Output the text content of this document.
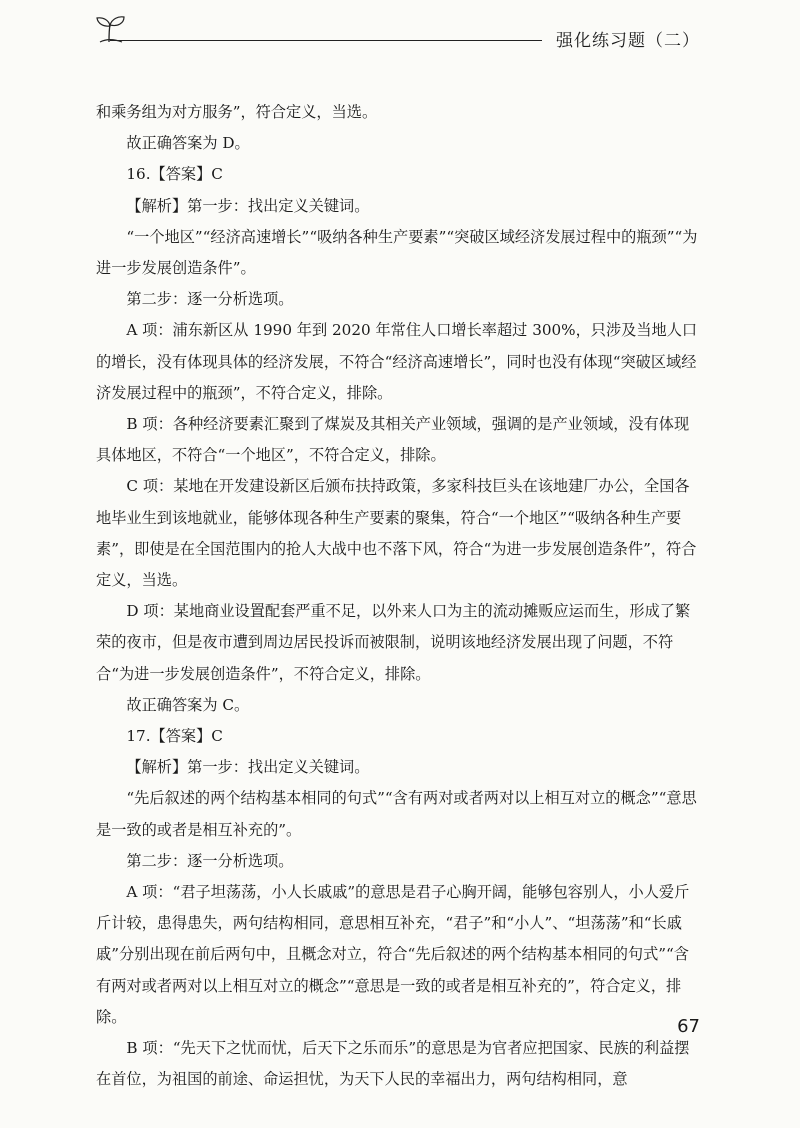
强化练习题（二）

和乘务组为对方服务”，符合定义，当选。

故正确答案为 D。

16.【答案】C

【解析】第一步：找出定义关键词。

“一个地区”“经济高速增长”“吸纳各种生产要素”“突破区域经济发展过程中的瓶颈”“为进一步发展创造条件”。

第二步：逐一分析选项。

A 项：浦东新区从 1990 年到 2020 年常住人口增长率超过 300%，只涉及当地人口的增长，没有体现具体的经济发展，不符合“经济高速增长”，同时也没有体现“突破区域经济发展过程中的瓶颈”，不符合定义，排除。

B 项：各种经济要素汇聚到了煤炭及其相关产业领域，强调的是产业领域，没有体现具体地区，不符合“一个地区”，不符合定义，排除。

C 项：某地在开发建设新区后颁布扶持政策，多家科技巨头在该地建厂办公，全国各地毕业生到该地就业，能够体现各种生产要素的聚集，符合“一个地区”“吸纳各种生产要素”，即使是在全国范围内的抢人大战中也不落下风，符合“为进一步发展创造条件”，符合定义，当选。

D 项：某地商业设置配套严重不足，以外来人口为主的流动摊贩应运而生，形成了繁荣的夜市，但是夜市遭到周边居民投诉而被限制，说明该地经济发展出现了问题，不符合“为进一步发展创造条件”，不符合定义，排除。

故正确答案为 C。

17.【答案】C

【解析】第一步：找出定义关键词。

“先后叙述的两个结构基本相同的句式”“含有两对或者两对以上相互对立的概念”“意思是一致的或者是相互补充的”。

第二步：逐一分析选项。

A 项：“君子坦荡荡，小人长戚戚”的意思是君子心胸开阔，能够包容别人，小人爱斤斤计较，患得患失，两句结构相同，意思相互补充，“君子”和“小人”、“坦荡荡”和“长戚戚”分别出现在前后两句中，且概念对立，符合“先后叙述的两个结构基本相同的句式”“含有两对或者两对以上相互对立的概念”“意思是一致的或者是相互补充的”，符合定义，排除。

B 项：“先天下之忧而忧，后天下之乐而乐”的意思是为官者应把国家、民族的利益摆在首位，为祖国的前途、命运担忧，为天下人民的幸福出力，两句结构相同，意

67
